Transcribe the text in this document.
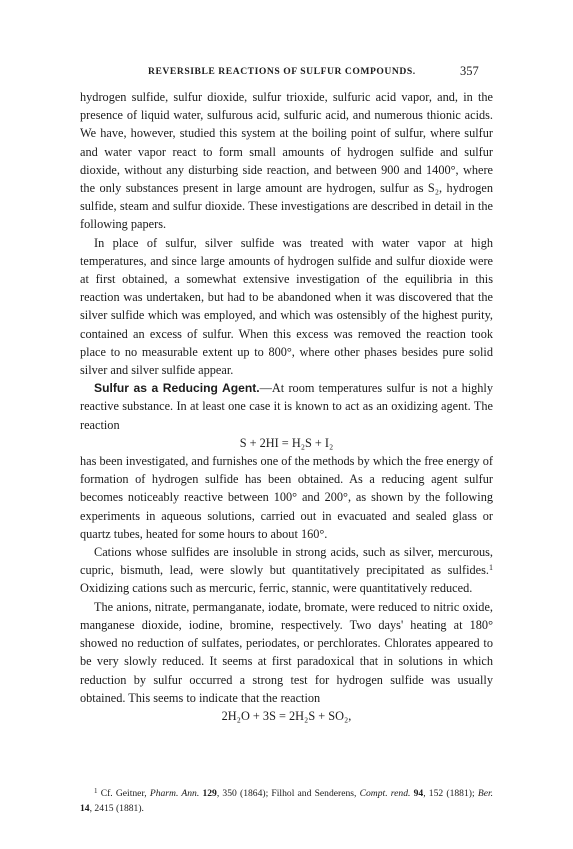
REVERSIBLE REACTIONS OF SULFUR COMPOUNDS.	357

hydrogen sulfide, sulfur dioxide, sulfur trioxide, sulfuric acid vapor, and, in the presence of liquid water, sulfurous acid, sulfuric acid, and numerous thionic acids. We have, however, studied this system at the boiling point of sulfur, where sulfur and water vapor react to form small amounts of hydrogen sulfide and sulfur dioxide, without any disturbing side reaction, and between 900 and 1400°, where the only substances present in large amount are hydrogen, sulfur as S₂, hydrogen sulfide, steam and sulfur dioxide. These investigations are described in detail in the following papers.

In place of sulfur, silver sulfide was treated with water vapor at high temperatures, and since large amounts of hydrogen sulfide and sulfur dioxide were at first obtained, a somewhat extensive investigation of the equilibria in this reaction was undertaken, but had to be abandoned when it was discovered that the silver sulfide which was employed, and which was ostensibly of the highest purity, contained an excess of sulfur. When this excess was removed the reaction took place to no measurable extent up to 800°, where other phases besides pure solid silver and silver sulfide appear.

Sulfur as a Reducing Agent.—At room temperatures sulfur is not a highly reactive substance. In at least one case it is known to act as an oxidizing agent. The reaction

S + 2HI = H₂S + I₂

has been investigated, and furnishes one of the methods by which the free energy of formation of hydrogen sulfide has been obtained. As a reducing agent sulfur becomes noticeably reactive between 100° and 200°, as shown by the following experiments in aqueous solutions, carried out in evacuated and sealed glass or quartz tubes, heated for some hours to about 160°.

Cations whose sulfides are insoluble in strong acids, such as silver, mercurous, cupric, bismuth, lead, were slowly but quantitatively precipitated as sulfides.$^1$ Oxidizing cations such as mercuric, ferric, stannic, were quantitatively reduced.

The anions, nitrate, permanganate, iodate, bromate, were reduced to nitric oxide, manganese dioxide, iodine, bromine, respectively. Two days' heating at 180° showed no reduction of sulfates, periodates, or perchlorates. Chlorates appeared to be very slowly reduced. It seems at first paradoxical that in solutions in which reduction by sulfur occurred a strong test for hydrogen sulfide was usually obtained. This seems to indicate that the reaction

2H₂O + 3S = 2H₂S + SO₂,

$^1$ Cf. Geitner, Pharm. Ann. 129, 350 (1864); Filhol and Senderens, Compt. rend. 94, 152 (1881); Ber. 14, 2415 (1881).
